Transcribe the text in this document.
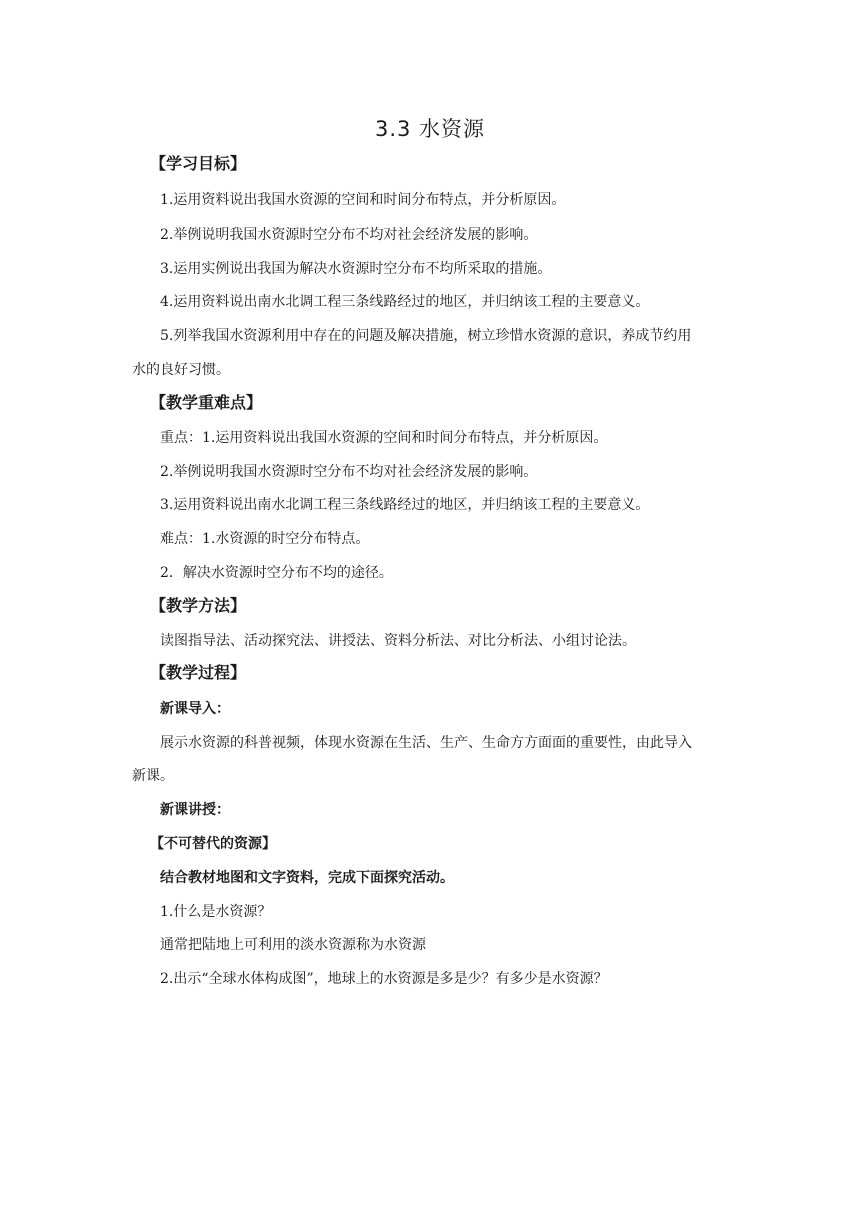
3.3 水资源
【学习目标】
1.运用资料说出我国水资源的空间和时间分布特点，并分析原因。
2.举例说明我国水资源时空分布不均对社会经济发展的影响。
3.运用实例说出我国为解决水资源时空分布不均所采取的措施。
4.运用资料说出南水北调工程三条线路经过的地区，并归纳该工程的主要意义。
5.列举我国水资源利用中存在的问题及解决措施，树立珍惜水资源的意识，养成节约用
水的良好习惯。
【教学重难点】
重点：1.运用资料说出我国水资源的空间和时间分布特点，并分析原因。
2.举例说明我国水资源时空分布不均对社会经济发展的影响。
3.运用资料说出南水北调工程三条线路经过的地区，并归纳该工程的主要意义。
难点：1.水资源的时空分布特点。
2．解决水资源时空分布不均的途径。
【教学方法】
读图指导法、活动探究法、讲授法、资料分析法、对比分析法、小组讨论法。
【教学过程】
新课导入：
展示水资源的科普视频，体现水资源在生活、生产、生命方方面面的重要性，由此导入
新课。
新课讲授：
【不可替代的资源】
结合教材地图和文字资料，完成下面探究活动。
1.什么是水资源？
通常把陆地上可利用的淡水资源称为水资源
2.出示“全球水体构成图”，地球上的水资源是多是少？有多少是水资源？
